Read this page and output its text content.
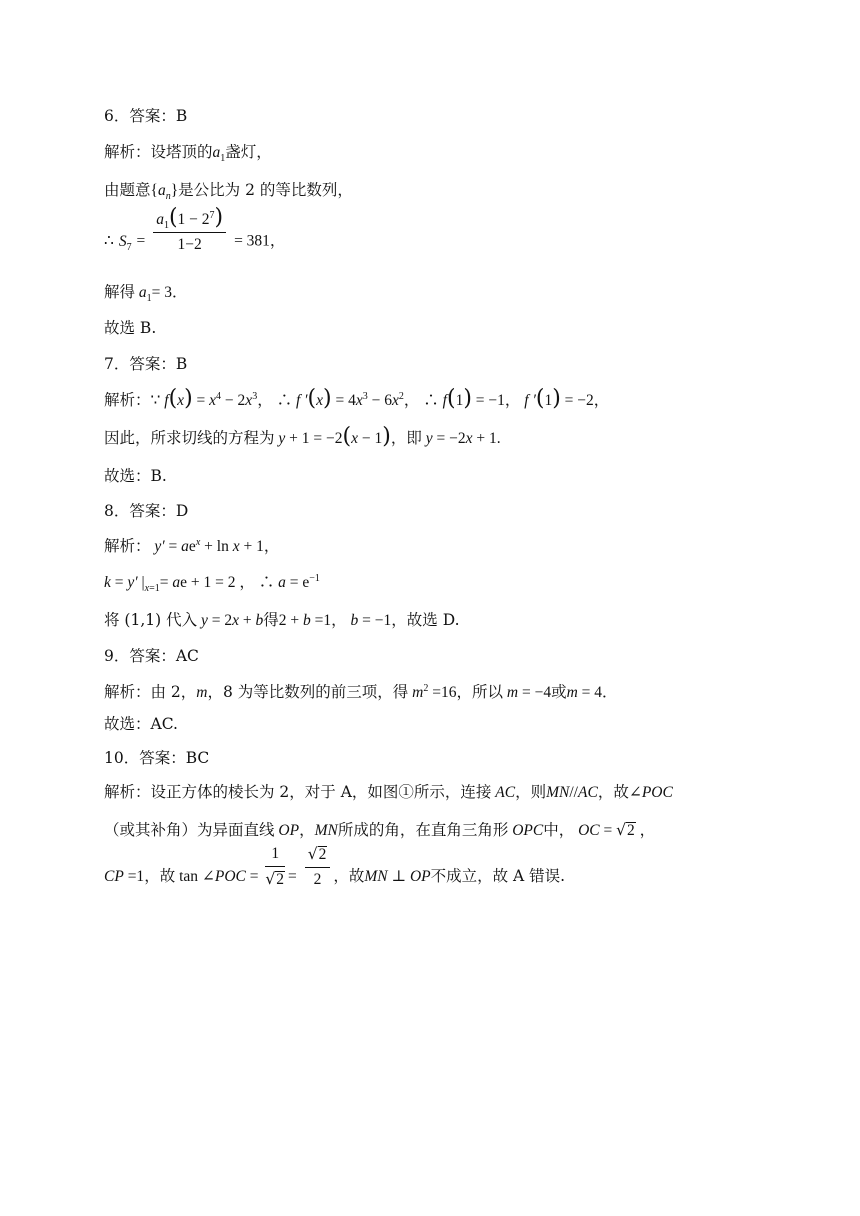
6．答案：B
解析：设塔顶的$a_1$盏灯，
由题意$\{a_n\}$是公比为 2 的等比数列，
∴ $S_7 = \frac{a_1(1 - 2^7)}{1-2} = 381$，
解得 $a_1= 3$．
故选 B.
7．答案：B
解析：∵ $f(x) = x^4 - 2x^3$， ∴ f $'(x) = 4x^3 - 6x^2$， ∴ f(1) = −1， f ′(1) = −2，
因此，所求切线的方程为 y + 1 = −2(x − 1)，即 y = −2x + 1.
故选：B.
8．答案：D
解析： $y' = ae^x + \ln x + 1$，
k = y′ $|_{x=1}=$ ae + 1 = 2 ， ∴ $a = e^{-1}$
将 (1,1) 代入 y = 2x + b得2 + b =1， b = −1，故选 D.
9．答案：AC
解析：由 2，m，8 为等比数列的前三项，得 $m^2 =16$，所以 m = −4或m = 4．
故选：AC.
10．答案：BC
解析：设正方体的棱长为 2，对于 A，如图①所示，连接 AC，则MN//AC，故∠POC
（或其补角）为异面直线 OP，MN所成的角，在直角三角形 OPC中， OC = √2 ，
CP =1，故 tan ∠POC = $\frac{1}{√2} = \frac{√2}{2}$ ，故MN ⊥ OP不成立，故 A 错误.
